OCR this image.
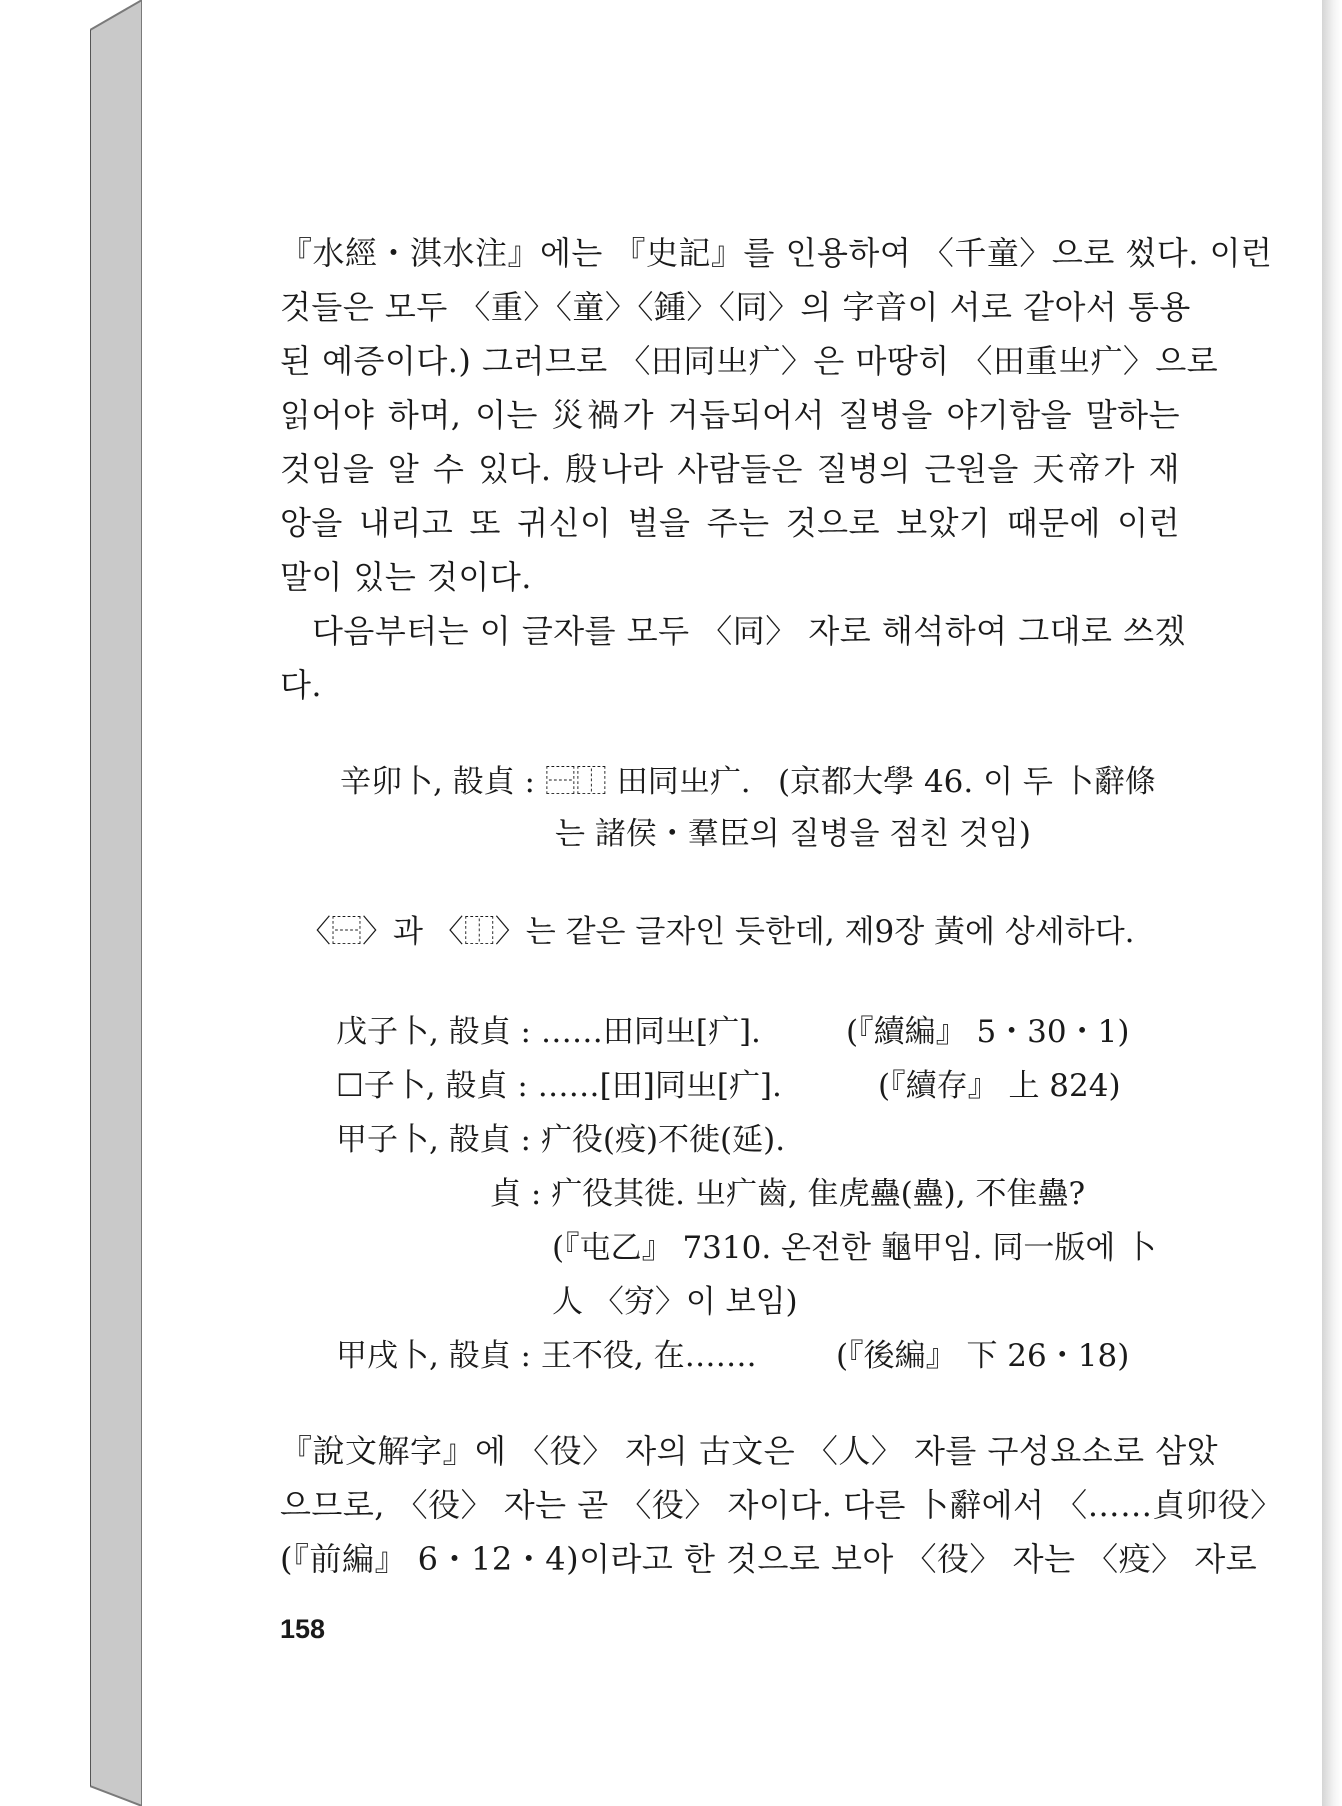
『水經・淇水注』에는 『史記』를 인용하여 〈千童〉으로 썼다. 이런
것들은 모두 〈重〉〈童〉〈鍾〉〈同〉의 字音이 서로 같아서 통용
된 예증이다.) 그러므로 〈田同㞢疒〉은 마땅히 〈田重㞢疒〉으로
읽어야 하며, 이는 災禍가 거듭되어서 질병을 야기함을 말하는
것임을 알 수 있다. 殷나라 사람들은 질병의 근원을 天帝가 재
앙을 내리고 또 귀신이 벌을 주는 것으로 보았기 때문에 이런
말이 있는 것이다.
다음부터는 이 글자를 모두 〈同〉 자로 해석하여 그대로 쓰겠
다.
辛卯卜, 㱿貞 : ⿱⿰ 田同㞢疒. (京都大學 46. 이 두 卜辭條
는 諸侯・羣臣의 질병을 점친 것임)
〈⿱〉과 〈⿰〉는 같은 글자인 듯한데, 제9장 黃에 상세하다.
戊子卜, 㱿貞 : ……田同㞢[疒].	(『續編』 5・30・1)
☐子卜, 㱿貞 : ……[田]同㞢[疒].	(『續存』 上 824)
甲子卜, 㱿貞 : 疒役(疫)不徙(延).
貞 : 疒役其徙. 㞢疒齒, 隹虎蠱(蠱), 不隹蠱?
(『屯乙』 7310. 온전한 龜甲임. 同一版에 卜
人 〈穷〉이 보임)
甲戌卜, 㱿貞 : 王不役, 在…….	(『後編』 下 26・18)
『說文解字』에 〈役〉 자의 古文은 〈人〉 자를 구성요소로 삼았
으므로, 〈役〉 자는 곧 〈役〉 자이다. 다른 卜辭에서 〈……貞卯役〉
(『前編』 6・12・4)이라고 한 것으로 보아 〈役〉 자는 〈疫〉 자로
158
